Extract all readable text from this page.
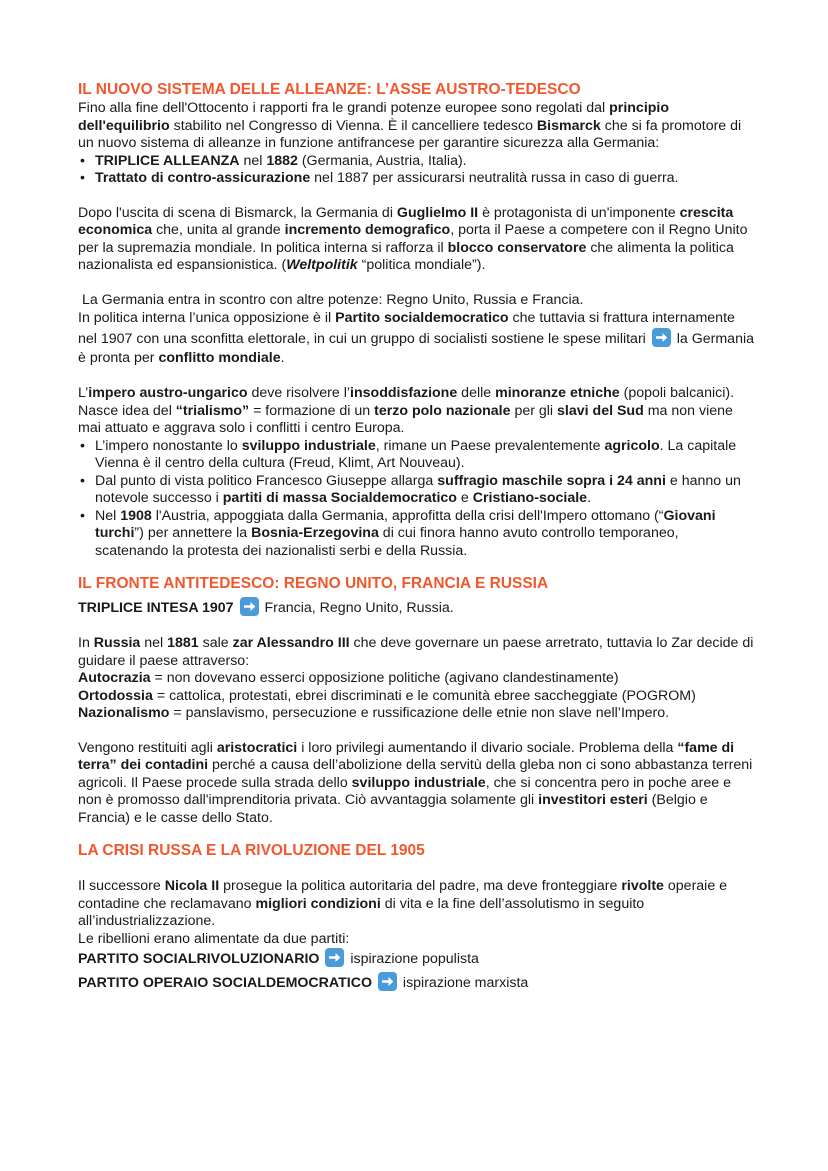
IL NUOVO SISTEMA DELLE ALLEANZE: L’ASSE AUSTRO-TEDESCO

Fino alla fine dell'Ottocento i rapporti fra le grandi potenze europee sono regolati dal principio dell'equilibrio stabilito nel Congresso di Vienna. È il cancelliere tedesco Bismarck che si fa promotore di un nuovo sistema di alleanze in funzione antifrancese per garantire sicurezza alla Germania:

• TRIPLICE ALLEANZA nel 1882 (Germania, Austria, Italia).
• Trattato di contro-assicurazione nel 1887 per assicurarsi neutralità russa in caso di guerra.

Dopo l'uscita di scena di Bismarck, la Germania di Guglielmo II è protagonista di un'imponente crescita economica che, unita al grande incremento demografico, porta il Paese a competere con il Regno Unito per la supremazia mondiale. In politica interna si rafforza il blocco conservatore che alimenta la politica nazionalista ed espansionistica. (Weltpolitik “politica mondiale”).

La Germania entra in scontro con altre potenze: Regno Unito, Russia e Francia.

In politica interna l’unica opposizione è il Partito socialdemocratico che tuttavia si frattura internamente nel 1907 con una sconfitta elettorale, in cui un gruppo di socialisti sostiene le spese militari
la Germania è pronta per conflitto mondiale.

L’impero austro-ungarico deve risolvere l’insoddisfazione delle minoranze etniche (popoli balcanici). Nasce idea del “trialismo” = formazione di un terzo polo nazionale per gli slavi del Sud ma non viene mai attuato e aggrava solo i conflitti i centro Europa.

• L’impero nonostante lo sviluppo industriale, rimane un Paese prevalentemente agricolo. La capitale Vienna è il centro della cultura (Freud, Klimt, Art Nouveau).
• Dal punto di vista politico Francesco Giuseppe allarga suffragio maschile sopra i 24 anni e hanno un notevole successo i partiti di massa Socialdemocratico e Cristiano-sociale.
• Nel 1908 l'Austria, appoggiata dalla Germania, approfitta della crisi dell'Impero ottomano (“Giovani turchi”) per annettere la Bosnia-Erzegovina di cui finora hanno avuto controllo temporaneo, scatenando la protesta dei nazionalisti serbi e della Russia.
IL FRONTE ANTITEDESCO: REGNO UNITO, FRANCIA E RUSSIA

TRIPLICE INTESA 1907
Francia, Regno Unito, Russia.

In Russia nel 1881 sale zar Alessandro III che deve governare un paese arretrato, tuttavia lo Zar decide di guidare il paese attraverso:

Autocrazia = non dovevano esserci opposizione politiche (agivano clandestinamente)

Ortodossia = cattolica, protestati, ebrei discriminati e le comunità ebree saccheggiate (POGROM)

Nazionalismo = panslavismo, persecuzione e russificazione delle etnie non slave nell’Impero.

Vengono restituiti agli aristocratici i loro privilegi aumentando il divario sociale. Problema della “fame di terra” dei contadini perché a causa dell’abolizione della servitù della gleba non ci sono abbastanza terreni agricoli. Il Paese procede sulla strada dello sviluppo industriale, che si concentra pero in poche aree e non è promosso dall'imprenditoria privata. Ciò avvantaggia solamente gli investitori esteri (Belgio e Francia) e le casse dello Stato.

LA CRISI RUSSA E LA RIVOLUZIONE DEL 1905

Il successore Nicola II prosegue la politica autoritaria del padre, ma deve fronteggiare rivolte operaie e contadine che reclamavano migliori condizioni di vita e la fine dell’assolutismo in seguito all’industrializzazione.

Le ribellioni erano alimentate da due partiti:

PARTITO SOCIALRIVOLUZIONARIO
ispirazione populista

PARTITO OPERAIO SOCIALDEMOCRATICO
ispirazione marxista
